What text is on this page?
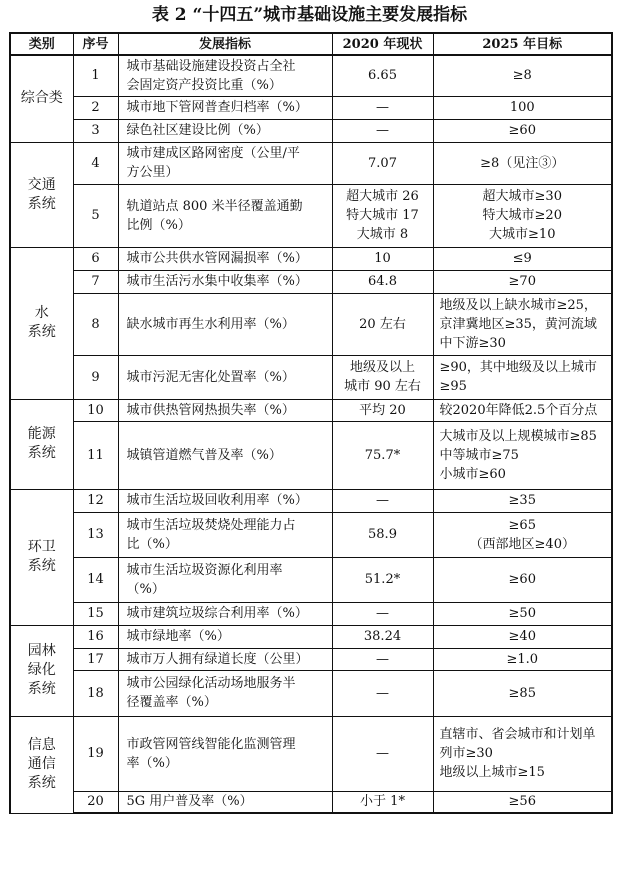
表 2 “十四五”城市基础设施主要发展指标
类别	序号	发展指标	2020 年现状	2025 年目标

综合类	1	城市基础设施建设投资占全社
会固定资产投资比重（%）	6.65	≥8
	2	城市地下管网普查归档率（%）	—	100
	3	绿色社区建设比例（%）	—	≥60

交通
系统	4	城市建成区路网密度（公里/平
方公里）	7.07	≥8（见注③）
	5	轨道站点 800 米半径覆盖通勤
比例（%）	超大城市 26
特大城市 17
大城市 8	超大城市≥30
特大城市≥20
大城市≥10

水
系统	6	城市公共供水管网漏损率（%）	10	≤9
	7	城市生活污水集中收集率（%）	64.8	≥70
	8	缺水城市再生水利用率（%）	20 左右	地级及以上缺水城市≥25，
京津冀地区≥35，黄河流域
中下游≥30

	9	城市污泥无害化处置率（%）	地级及以上
城市 90 左右	≥90，其中地级及以上城市
≥95

能源
系统	10	城市供热管网热损失率（%）	平均 20	较2020年降低2.5个百分点
	11	城镇管道燃气普及率（%）	75.7*	大城市及以上规模城市≥85
中等城市≥75
小城市≥60

环卫
系统	12	城市生活垃圾回收利用率（%）	—	≥35
	13	城市生活垃圾焚烧处理能力占
比（%）	58.9	≥65
（西部地区≥40）

	14	城市生活垃圾资源化利用率
（%）	51.2*	≥60
	15	城市建筑垃圾综合利用率（%）	—	≥50

园林
绿化
系统	16	城市绿地率（%）	38.24	≥40
	17	城市万人拥有绿道长度（公里）	—	≥1.0
	18	城市公园绿化活动场地服务半
径覆盖率（%）	—	≥85

信息
通信
系统	19	市政管网管线智能化监测管理
率（%）	—	直辖市、省会城市和计划单
列市≥30
地级以上城市≥15

	20	5G 用户普及率（%）	小于 1*	≥56
